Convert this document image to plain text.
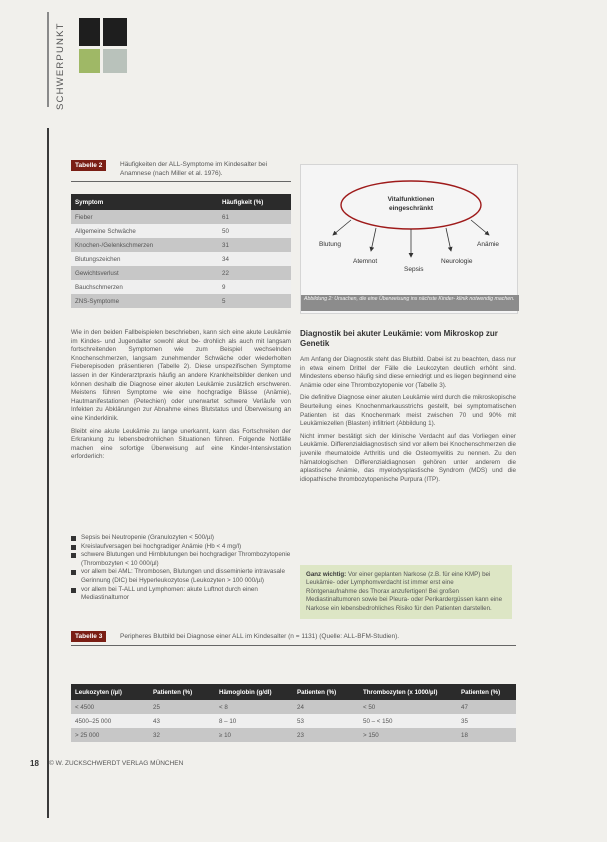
SCHWERPUNKT
Tabelle 2	Häufigkeiten der ALL-Symptome im Kindesalter bei Anamnese (nach Miller et al. 1976).
Symptom	Häufigkeit (%)
Fieber	61
Allgemeine Schwäche	50
Knochen-/Gelenkschmerzen	31
Blutungszeichen	34
Gewichtsverlust	22
Bauchschmerzen	9
ZNS-Symptome	5
Vitalfunktionen
eingeschränkt
Blutung	Anämie
Atemnot
Sepsis
Neurologie
Abbildung 2: Ursachen, die eine Überweisung ins nächste Kinder- klinik notwendig machen.

Wie in den beiden Fallbeispielen beschrieben, kann sich eine akute Leukämie im Kindes- und Jugendalter sowohl akut be- drohlich als auch mit langsam fortschreitenden Symptomen wie zum Beispiel wechselnden Knochenschmerzen, langsam zunehmender Schwäche oder wiederholten Fieberepisoden präsentieren (Tabelle 2). Diese unspezifischen Symptome lassen in der Kinderarztpraxis häufig an andere Krankheitsbilder denken und können deshalb die Diagnose einer akuten Leukämie zusätzlich erschweren. Meistens führen Symptome wie eine hochgradige Blässe (Anämie), Hautmanifestationen (Petechien) oder unerwartet schwere Verläufe von Infekten zu Abklärungen zur Abnahme eines Blutstatus und Überweisung an eine Kinderklinik.

Bleibt eine akute Leukämie zu lange unerkannt, kann das Fortschreiten der Erkrankung zu lebensbedrohlichen Situationen führen. Folgende Notfälle machen eine sofortige Überweisung auf eine Kinder-Intensivstation erforderlich:

Sepsis bei Neutropenie (Granulozyten < 500/µl)
Kreislaufversagen bei hochgradiger Anämie (Hb < 4 mg/l)
schwere Blutungen und Hirnblutungen bei hochgradiger Thrombozytopenie (Thrombozyten < 10 000/µl)
vor allem bei AML: Thrombosen, Blutungen und disseminierte intravasale Gerinnung (DIC) bei Hyperleukozytose (Leukozyten > 100 000/µl)
vor allem bei T-ALL und Lymphomen: akute Luftnot durch einen Mediastinaltumor
Diagnostik bei akuter Leukämie: vom Mikroskop zur Genetik

Am Anfang der Diagnostik steht das Blutbild. Dabei ist zu beachten, dass nur in etwa einem Drittel der Fälle die Leukozyten deutlich erhöht sind. Mindestens ebenso häufig sind diese erniedrigt und es liegen beginnend eine Anämie oder eine Thrombozytopenie vor (Tabelle 3).

Die definitive Diagnose einer akuten Leukämie wird durch die mikroskopische Beurteilung eines Knochenmarkausstrichs gestellt, bei symptomatischen Patienten ist das Knochenmark meist zwischen 70 und 90% mit Leukämiezellen (Blasten) infiltriert (Abbildung 1).

Nicht immer bestätigt sich der klinische Verdacht auf das Vorliegen einer Leukämie. Differenzialdiagnostisch sind vor allem bei Knochenschmerzen die juvenile rheumatoide Arthritis und die Osteomyelitis zu nennen. Zu den hämatologischen Differenzialdiagnosen gehören unter anderem die aplastische Anämie, das myelodysplastische Syndrom (MDS) und die idiopathische thrombozytopenische Purpura (ITP).

Ganz wichtig: Vor einer geplanten Narkose (z.B. für eine KMP) bei Leukämie- oder Lymphomverdacht ist immer erst eine Röntgenaufnahme des Thorax anzufertigen! Bei großen Mediastinaltumoren sowie bei Pleura- oder Perikardergüssen kann eine Narkose ein lebensbedrohliches Risiko für den Patienten darstellen.
Tabelle 3	Peripheres Blutbild bei Diagnose einer ALL im Kindesalter (n = 1131) (Quelle: ALL-BFM-Studien).
Leukozyten (/µl)	Patienten (%)	Hämoglobin (g/dl)	Patienten (%)	Thrombozyten (x 1000/µl)	Patienten (%)
< 4500	25	< 8	24	< 50	47
4500–25 000	43	8 – 10	53	50 – < 150	35
> 25 000	32	≥ 10	23	> 150	18
18 © W. ZUCKSCHWERDT VERLAG MÜNCHEN
